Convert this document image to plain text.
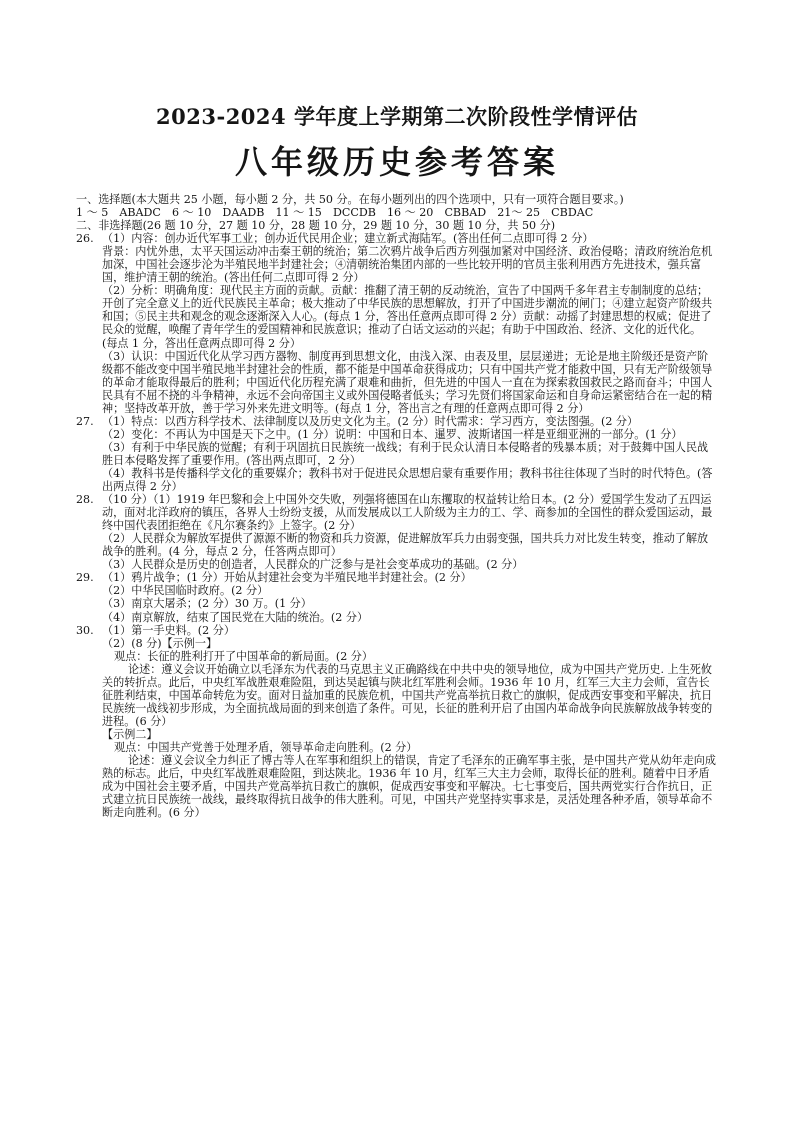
2023-2024 学年度上学期第二次阶段性学情评估
八年级历史参考答案

一、选择题(本大题共 25 小题，每小题 2 分，共 50 分。在每小题列出的四个选项中，只有一项符合题目要求。)

1 ～ 5　ABADC　6 ～ 10　DAADB　11 ～ 15　DCCDB　16 ～ 20　CBBAD　21～ 25　CBDAC

二、非选择题(26 题 10 分，27 题 10 分，28 题 10 分，29 题 10 分，30 题 10 分，共 50 分)

26. （1）内容：创办近代军事工业；创办近代民用企业；建立新式海陆军。(答出任何二点即可得 2 分）

背景：内忧外患，太平天国运动冲击秦王朝的统治；第二次鸦片战争后西方列强加紧对中国经济、政治侵略；清政府统治危机加深，中国社会逐步沦为半殖民地半封建社会；④清朝统治集团内部的一些比较开明的官员主张利用西方先进技术，强兵富国，维护清王朝的统治。(答出任何二点即可得 2 分）

（2）分析：明确角度：现代民主方面的贡献。贡献：推翻了清王朝的反动统治，宣告了中国两千多年君主专制制度的总结；开创了完全意义上的近代民族民主革命；极大推动了中华民族的思想解放，打开了中国进步潮流的闸门；④建立起资产阶级共和国；⑤民主共和观念的观念逐渐深入人心。(每点 1 分，答出任意两点即可得 2 分）贡献：动摇了封建思想的权威；促进了民众的觉醒，唤醒了青年学生的爱国精神和民族意识；推动了白话文运动的兴起；有助于中国政治、经济、文化的近代化。(每点 1 分，答出任意两点即可得 2 分）

（3）认识：中国近代化从学习西方器物、制度再到思想文化，由浅入深、由表及里，层层递进；无论是地主阶级还是资产阶级都不能改变中国半殖民地半封建社会的性质，都不能是中国革命获得成功；只有中国共产党才能救中国，只有无产阶级领导的革命才能取得最后的胜利；中国近代化历程充满了艰难和曲折，但先进的中国人一直在为探索救国救民之路而奋斗；中国人民具有不屈不挠的斗争精神，永远不会向帝国主义或外国侵略者低头；学习先贤们将国家命运和自身命运紧密结合在一起的精神；坚持改革开放，善于学习外来先进文明等。(每点 1 分，答出言之有理的任意两点即可得 2 分）

27. （1）特点：以西方科学技术、法律制度以及历史文化为主。(2 分）时代需求：学习西方，变法图强。(2 分）

（2）变化：不再认为中国是天下之中。(1 分）说明：中国和日本、暹罗、波斯诸国一样是亚细亚洲的一部分。(1 分）

（3）有利于中华民族的觉醒；有利于巩固抗日民族统一战线；有利于民众认清日本侵略者的残暴本质；对于鼓舞中国人民战胜日本侵略发挥了重要作用。(答出两点即可，2 分）

（4）教科书是传播科学文化的重要媒介；教科书对于促进民众思想启蒙有重要作用；教科书往往体现了当时的时代特色。(答出两点得 2 分）

28. （10 分）（1）1919 年巴黎和会上中国外交失败，列强将德国在山东攫取的权益转让给日本。(2 分）爱国学生发动了五四运动，面对北洋政府的镇压，各界人士纷纷支援，从而发展成以工人阶级为主力的工、学、商参加的全国性的群众爱国运动，最终中国代表团拒绝在《凡尔赛条约》上签字。(2 分）

（2）人民群众为解放军提供了源源不断的物资和兵力资源，促进解放军兵力由弱变强，国共兵力对比发生转变，推动了解放战争的胜利。(4 分，每点 2 分，任答两点即可）

（3）人民群众是历史的创造者，人民群众的广泛参与是社会变革成功的基础。(2 分）

29. （1）鸦片战争；(1 分）开始从封建社会变为半殖民地半封建社会。(2 分）

（2）中华民国临时政府。(2 分）

（3）南京大屠杀；(2 分）30 万。(1 分）

（4）南京解放，结束了国民党在大陆的统治。(2 分）

30. （1）第一手史料。(2 分）

（2）(8 分)【示例一】

观点：长征的胜利打开了中国革命的新局面。(2 分）

论述：遵义会议开始确立以毛泽东为代表的马克思主义正确路线在中共中央的领导地位，成为中国共产党历史. 上生死攸关的转折点。此后，中央红军战胜艰难险阻，到达吴起镇与陕北红军胜利会师。1936 年 10 月，红军三大主力会师，宣告长征胜利结束，中国革命转危为安。面对日益加重的民族危机，中国共产党高举抗日救亡的旗帜，促成西安事变和平解决，抗日民族统一战线初步形成，为全面抗战局面的到来创造了条件。可见，长征的胜利开启了由国内革命战争向民族解放战争转变的进程。(6 分）

【示例二】

观点：中国共产党善于处理矛盾，领导革命走向胜利。(2 分）

论述：遵义会议全力纠正了博古等人在军事和组织上的错误，肯定了毛泽东的正确军事主张，是中国共产党从幼年走向成熟的标志。此后，中央红军战胜艰难险阻，到达陕北。1936 年 10 月，红军三大主力会师，取得长征的胜利。随着中日矛盾成为中国社会主要矛盾，中国共产党高举抗日救亡的旗帜，促成西安事变和平解决。七七事变后，国共两党实行合作抗日，正式建立抗日民族统一战线，最终取得抗日战争的伟大胜利。可见，中国共产党坚持实事求是，灵活处理各种矛盾，领导革命不断走向胜利。(6 分）
